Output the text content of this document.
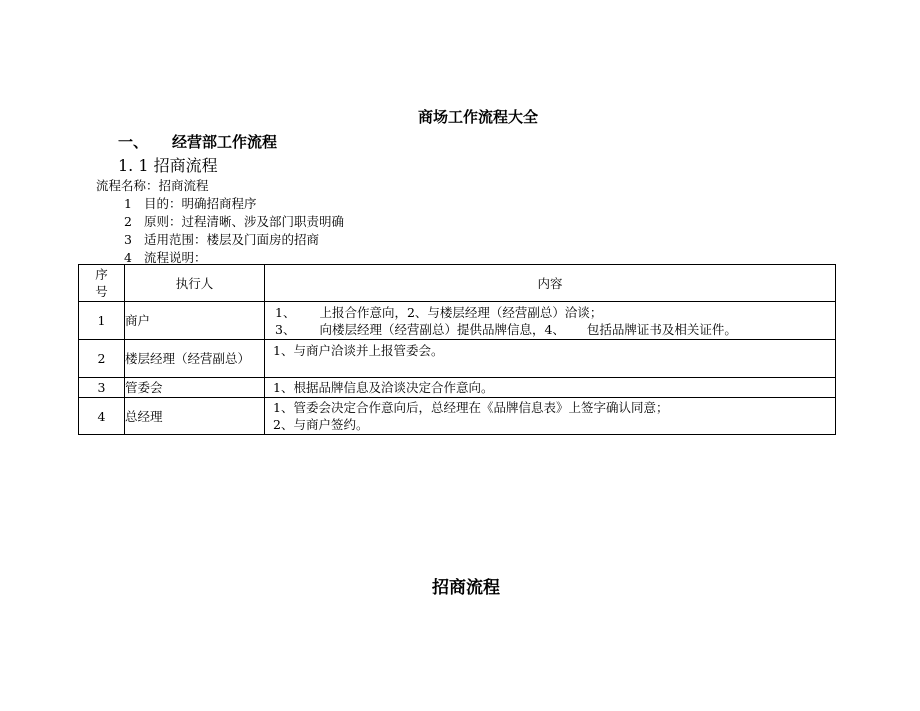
商场工作流程大全
一、 经营部工作流程
1. 1 招商流程
流程名称：招商流程
1 目的：明确招商程序
2 原则：过程清晰、涉及部门职责明确
3 适用范围：楼层及门面房的招商
4 流程说明：
序号	执行人	内容
1	商户	1、 上报合作意向，2、与楼层经理（经营副总）洽谈；
3、 向楼层经理（经营副总）提供品牌信息，4、 包括品牌证书及相关证件。

2	楼层经理（经营副总）	1、与商户洽谈并上报管委会。
3	管委会	1、根据品牌信息及洽谈决定合作意向。
4	总经理	1、管委会决定合作意向后，总经理在《品牌信息表》上签字确认同意；
2、与商户签约。
招商流程
